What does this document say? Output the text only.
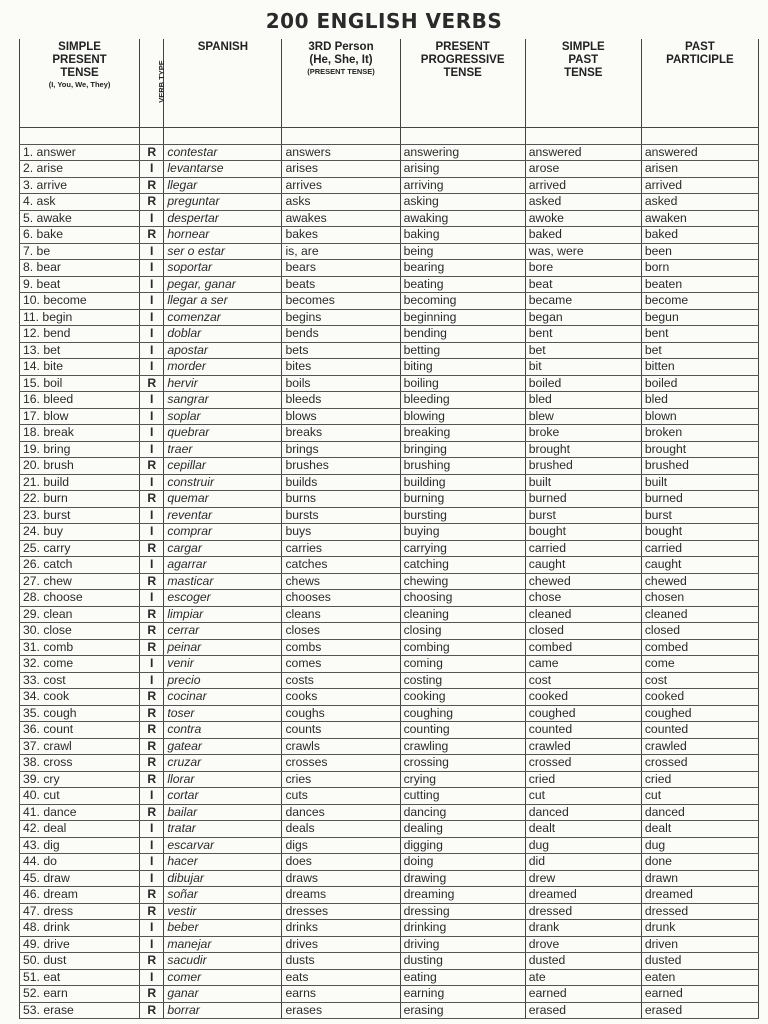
200 ENGLISH VERBS
SIMPLE
PRESENT
TENSE
(I, You, We, They)	VERB TYPE	SPANISH	3RD Person
(He, She, It)
(PRESENT TENSE)	PRESENT
PROGRESSIVE
TENSE	SIMPLE
PAST
TENSE	PAST
PARTICIPLE

1. answer	R	contestar	answers	answering	answered	answered
2. arise	I	levantarse	arises	arising	arose	arisen
3. arrive	R	llegar	arrives	arriving	arrived	arrived
4. ask	R	preguntar	asks	asking	asked	asked
5. awake	I	despertar	awakes	awaking	awoke	awaken
6. bake	R	hornear	bakes	baking	baked	baked
7. be	I	ser o estar	is, are	being	was, were	been
8. bear	I	soportar	bears	bearing	bore	born
9. beat	I	pegar, ganar	beats	beating	beat	beaten
10. become	I	llegar a ser	becomes	becoming	became	become
11. begin	I	comenzar	begins	beginning	began	begun
12. bend	I	doblar	bends	bending	bent	bent
13. bet	I	apostar	bets	betting	bet	bet
14. bite	I	morder	bites	biting	bit	bitten
15. boil	R	hervir	boils	boiling	boiled	boiled
16. bleed	I	sangrar	bleeds	bleeding	bled	bled
17. blow	I	soplar	blows	blowing	blew	blown
18. break	I	quebrar	breaks	breaking	broke	broken
19. bring	I	traer	brings	bringing	brought	brought
20. brush	R	cepillar	brushes	brushing	brushed	brushed
21. build	I	construir	builds	building	built	built
22. burn	R	quemar	burns	burning	burned	burned
23. burst	I	reventar	bursts	bursting	burst	burst
24. buy	I	comprar	buys	buying	bought	bought
25. carry	R	cargar	carries	carrying	carried	carried
26. catch	I	agarrar	catches	catching	caught	caught
27. chew	R	masticar	chews	chewing	chewed	chewed
28. choose	I	escoger	chooses	choosing	chose	chosen
29. clean	R	limpiar	cleans	cleaning	cleaned	cleaned
30. close	R	cerrar	closes	closing	closed	closed
31. comb	R	peinar	combs	combing	combed	combed
32. come	I	venir	comes	coming	came	come
33. cost	I	precio	costs	costing	cost	cost
34. cook	R	cocinar	cooks	cooking	cooked	cooked
35. cough	R	toser	coughs	coughing	coughed	coughed
36. count	R	contra	counts	counting	counted	counted
37. crawl	R	gatear	crawls	crawling	crawled	crawled
38. cross	R	cruzar	crosses	crossing	crossed	crossed
39. cry	R	llorar	cries	crying	cried	cried
40. cut	I	cortar	cuts	cutting	cut	cut
41. dance	R	bailar	dances	dancing	danced	danced
42. deal	I	tratar	deals	dealing	dealt	dealt
43. dig	I	escarvar	digs	digging	dug	dug
44. do	I	hacer	does	doing	did	done
45. draw	I	dibujar	draws	drawing	drew	drawn
46. dream	R	soñar	dreams	dreaming	dreamed	dreamed
47. dress	R	vestir	dresses	dressing	dressed	dressed
48. drink	I	beber	drinks	drinking	drank	drunk
49. drive	I	manejar	drives	driving	drove	driven
50. dust	R	sacudir	dusts	dusting	dusted	dusted
51. eat	I	comer	eats	eating	ate	eaten
52. earn	R	ganar	earns	earning	earned	earned
53. erase	R	borrar	erases	erasing	erased	erased
